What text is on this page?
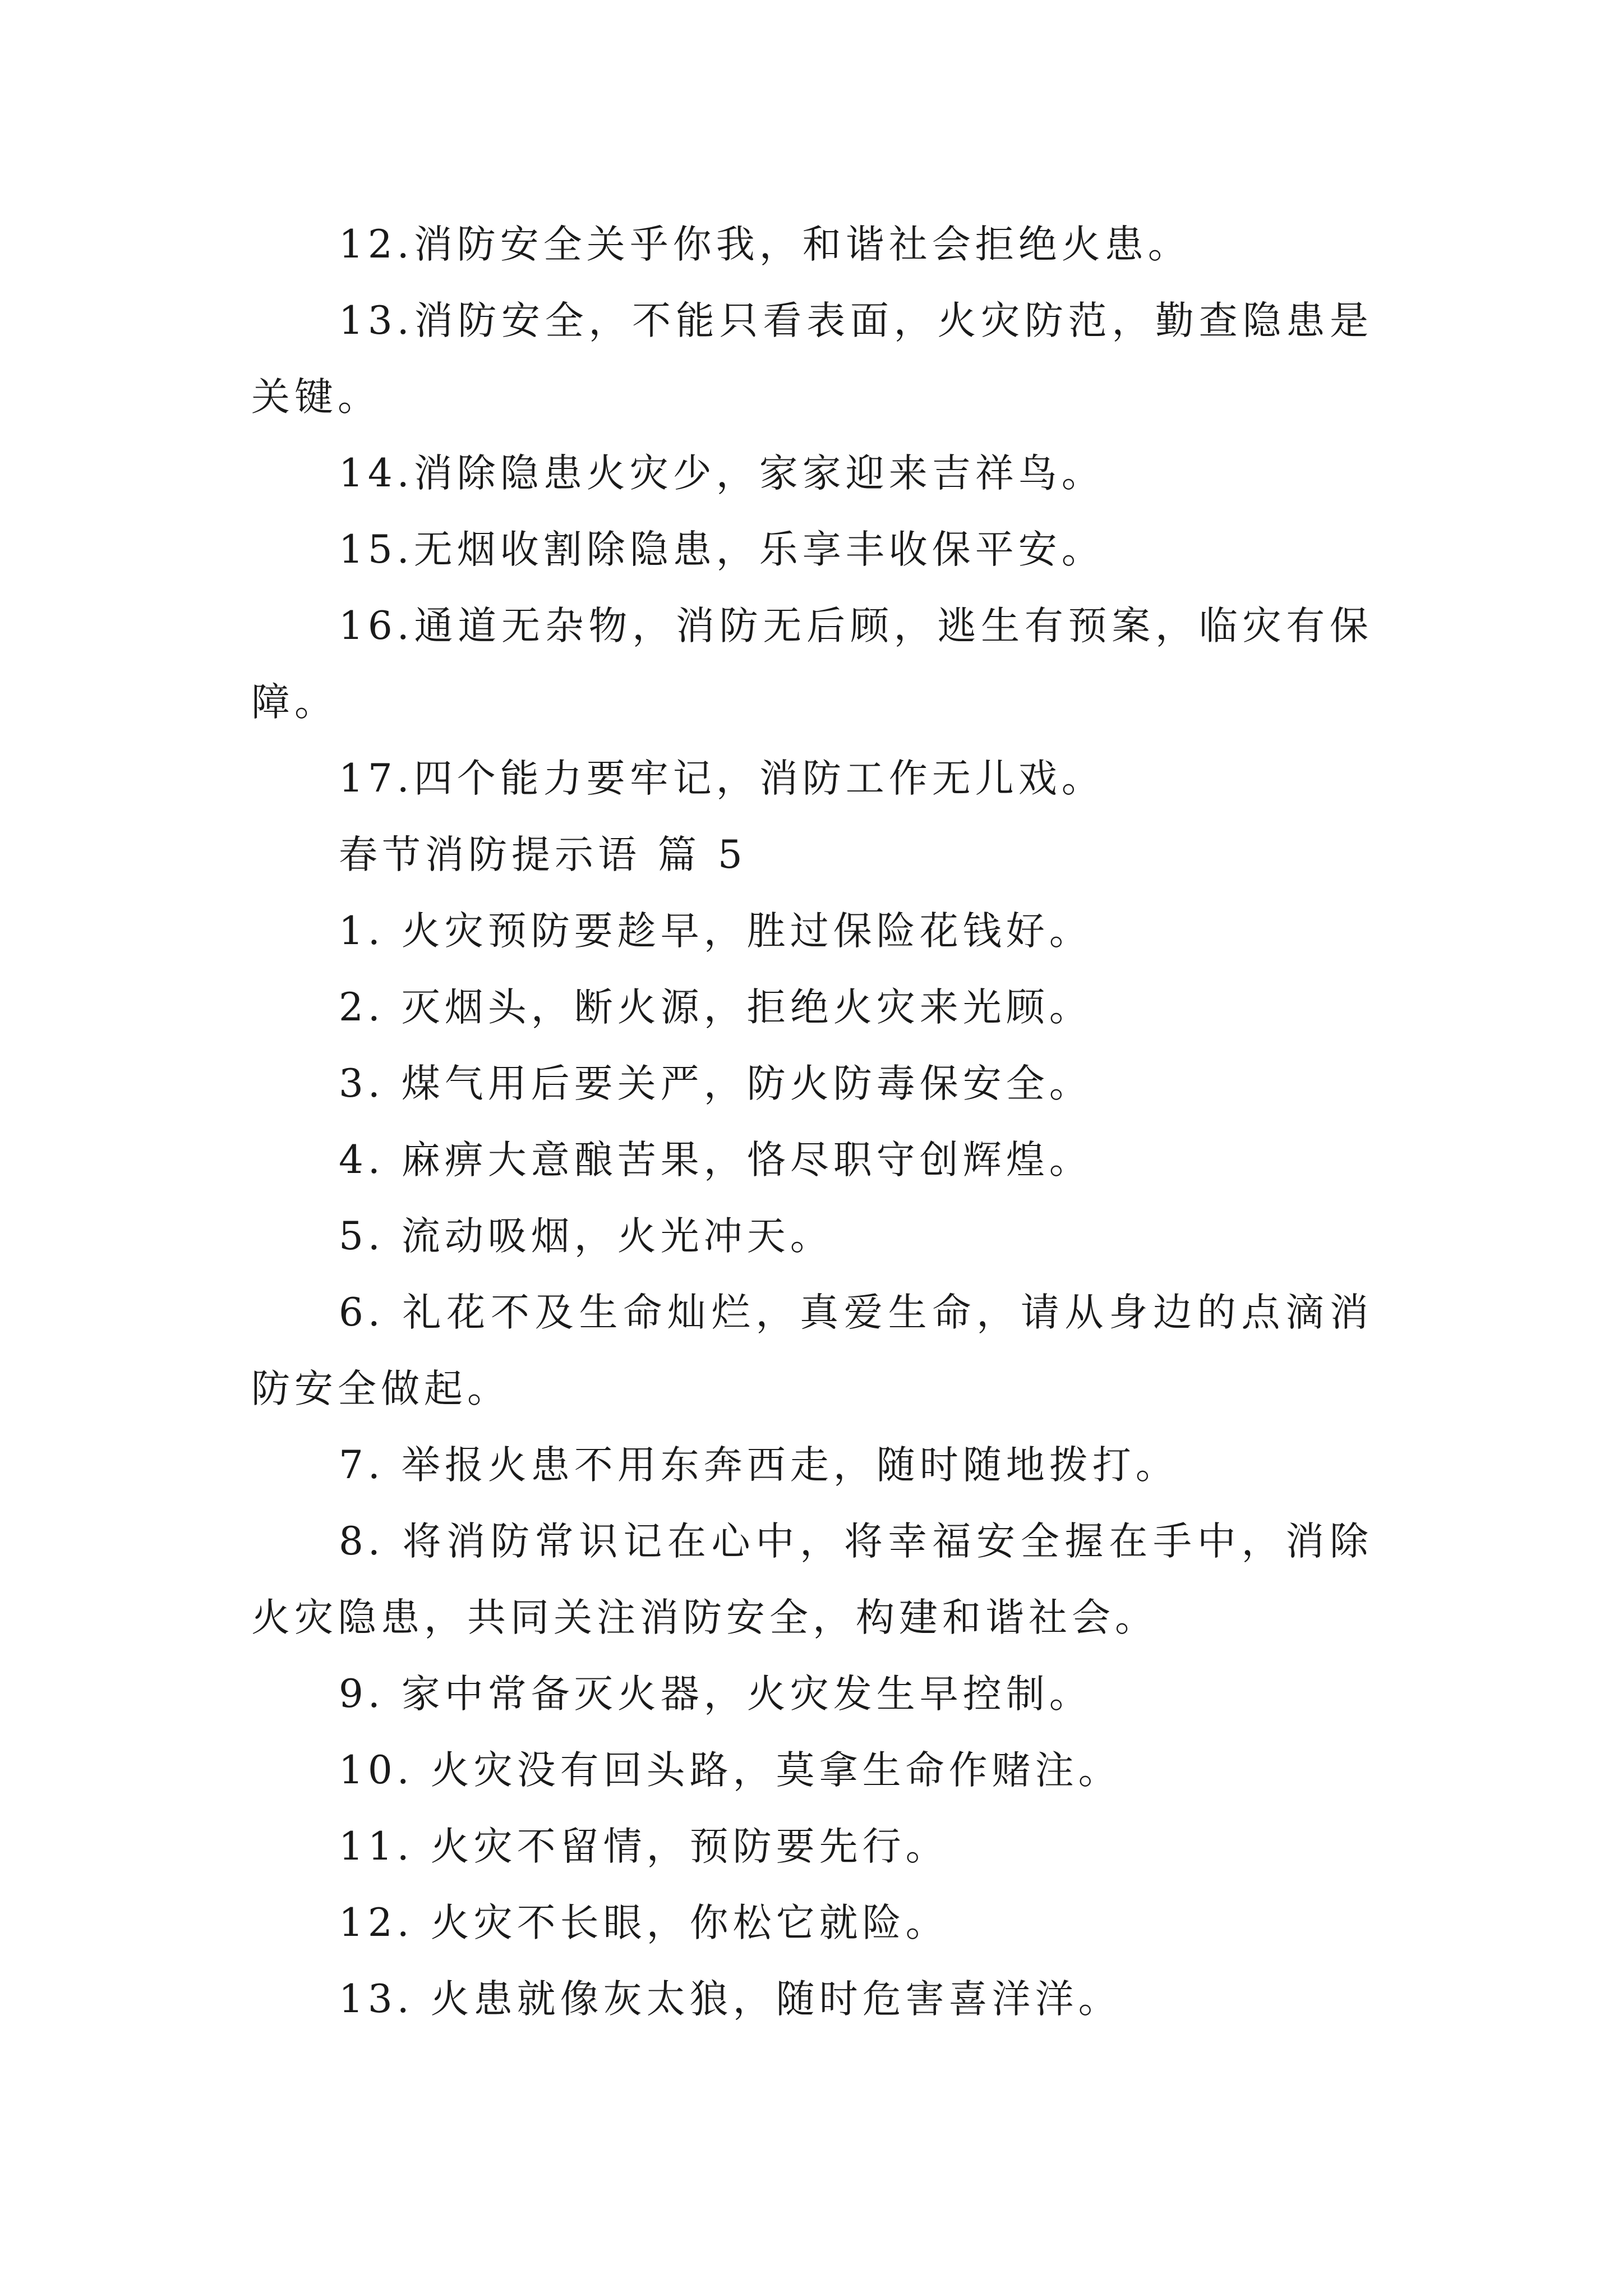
12.消防安全关乎你我，和谐社会拒绝火患。

13.消防安全，不能只看表面，火灾防范，勤查隐患是关键。

14.消除隐患火灾少，家家迎来吉祥鸟。

15.无烟收割除隐患，乐享丰收保平安。

16.通道无杂物，消防无后顾，逃生有预案，临灾有保障。

17.四个能力要牢记，消防工作无儿戏。

春节消防提示语 篇 5

1. 火灾预防要趁早，胜过保险花钱好。

2. 灭烟头，断火源，拒绝火灾来光顾。

3. 煤气用后要关严，防火防毒保安全。

4. 麻痹大意酿苦果，恪尽职守创辉煌。

5. 流动吸烟，火光冲天。

6. 礼花不及生命灿烂，真爱生命，请从身边的点滴消防安全做起。

7. 举报火患不用东奔西走，随时随地拨打。

8. 将消防常识记在心中，将幸福安全握在手中，消除火灾隐患，共同关注消防安全，构建和谐社会。

9. 家中常备灭火器，火灾发生早控制。

10. 火灾没有回头路，莫拿生命作赌注。

11. 火灾不留情，预防要先行。

12. 火灾不长眼，你松它就险。

13. 火患就像灰太狼，随时危害喜洋洋。
